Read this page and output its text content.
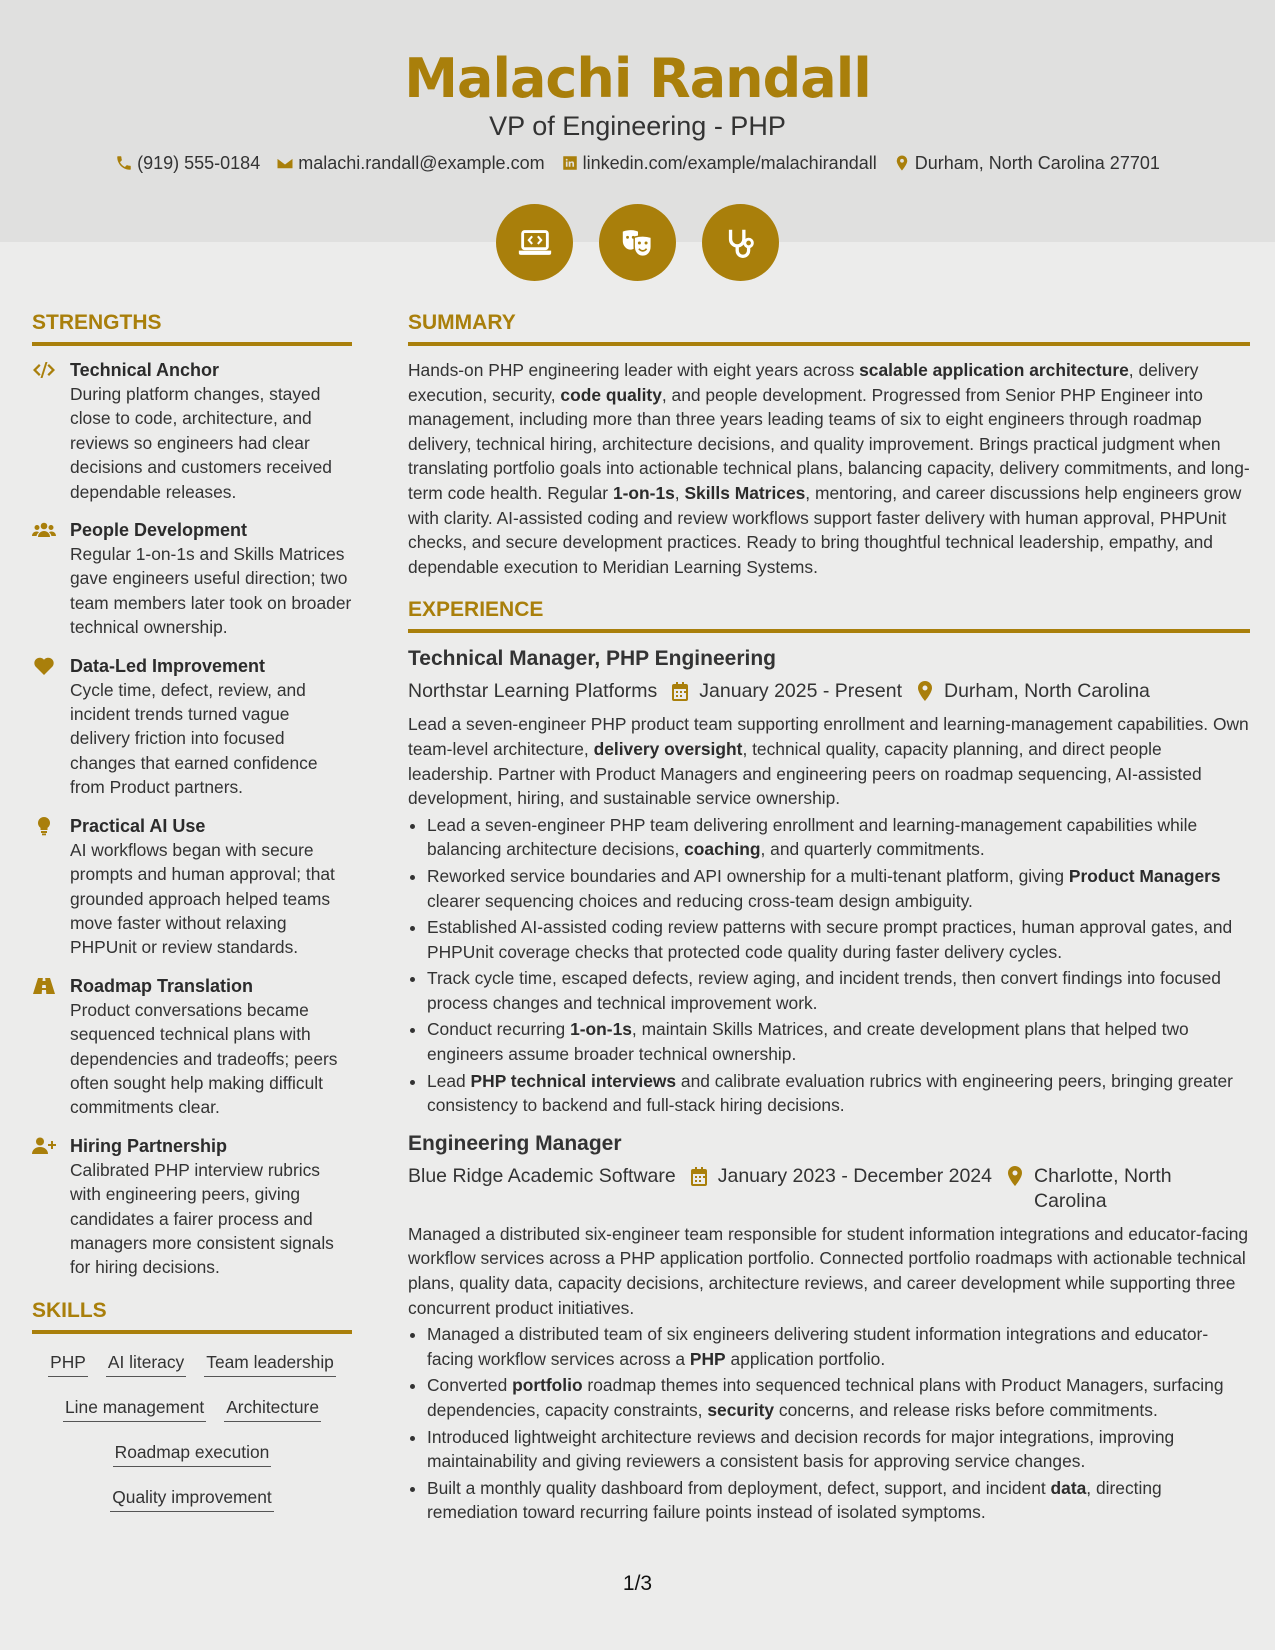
Malachi Randall
VP of Engineering - PHP
(919) 555-0184 malachi.randall@example.com linkedin.com/example/malachirandall Durham, North Carolina 27701
STRENGTHS
Technical Anchor
During platform changes, stayed close to code, architecture, and reviews so engineers had clear decisions and customers received dependable releases.
People Development
Regular 1-on-1s and Skills Matrices gave engineers useful direction; two team members later took on broader technical ownership.
Data-Led Improvement
Cycle time, defect, review, and incident trends turned vague delivery friction into focused changes that earned confidence from Product partners.
Practical AI Use
AI workflows began with secure prompts and human approval; that grounded approach helped teams move faster without relaxing PHPUnit or review standards.
Roadmap Translation
Product conversations became sequenced technical plans with dependencies and tradeoffs; peers often sought help making difficult commitments clear.
Hiring Partnership
Calibrated PHP interview rubrics with engineering peers, giving candidates a fairer process and managers more consistent signals for hiring decisions.
SKILLS
PHP AI literacy Team leadership
Line management Architecture
Roadmap execution
Quality improvement
SUMMARY

Hands-on PHP engineering leader with eight years across scalable application architecture, delivery execution, security, code quality, and people development. Progressed from Senior PHP Engineer into management, including more than three years leading teams of six to eight engineers through roadmap delivery, technical hiring, architecture decisions, and quality improvement. Brings practical judgment when translating portfolio goals into actionable technical plans, balancing capacity, delivery commitments, and long-term code health. Regular 1-on-1s, Skills Matrices, mentoring, and career discussions help engineers grow with clarity. AI-assisted coding and review workflows support faster delivery with human approval, PHPUnit checks, and secure development practices. Ready to bring thoughtful technical leadership, empathy, and dependable execution to Meridian Learning Systems.

EXPERIENCE
Technical Manager, PHP Engineering
Northstar Learning Platforms January 2025 - Present Durham, North Carolina

Lead a seven-engineer PHP product team supporting enrollment and learning-management capabilities. Own team-level architecture, delivery oversight, technical quality, capacity planning, and direct people leadership. Partner with Product Managers and engineering peers on roadmap sequencing, AI-assisted development, hiring, and sustainable service ownership.

• Lead a seven-engineer PHP team delivering enrollment and learning-management capabilities while balancing architecture decisions, coaching, and quarterly commitments.
• Reworked service boundaries and API ownership for a multi-tenant platform, giving Product Managers clearer sequencing choices and reducing cross-team design ambiguity.
• Established AI-assisted coding review patterns with secure prompt practices, human approval gates, and PHPUnit coverage checks that protected code quality during faster delivery cycles.
• Track cycle time, escaped defects, review aging, and incident trends, then convert findings into focused process changes and technical improvement work.
• Conduct recurring 1-on-1s, maintain Skills Matrices, and create development plans that helped two engineers assume broader technical ownership.
• Lead PHP technical interviews and calibrate evaluation rubrics with engineering peers, bringing greater consistency to backend and full-stack hiring decisions.
Engineering Manager
Blue Ridge Academic Software January 2023 - December 2024 Charlotte, North Carolina

Managed a distributed six-engineer team responsible for student information integrations and educator-facing workflow services across a PHP application portfolio. Connected portfolio roadmaps with actionable technical plans, quality data, capacity decisions, architecture reviews, and career development while supporting three concurrent product initiatives.

• Managed a distributed team of six engineers delivering student information integrations and educator-facing workflow services across a PHP application portfolio.
• Converted portfolio roadmap themes into sequenced technical plans with Product Managers, surfacing dependencies, capacity constraints, security concerns, and release risks before commitments.
• Introduced lightweight architecture reviews and decision records for major integrations, improving maintainability and giving reviewers a consistent basis for approving service changes.
• Built a monthly quality dashboard from deployment, defect, support, and incident data, directing remediation toward recurring failure points instead of isolated symptoms.
1/3
